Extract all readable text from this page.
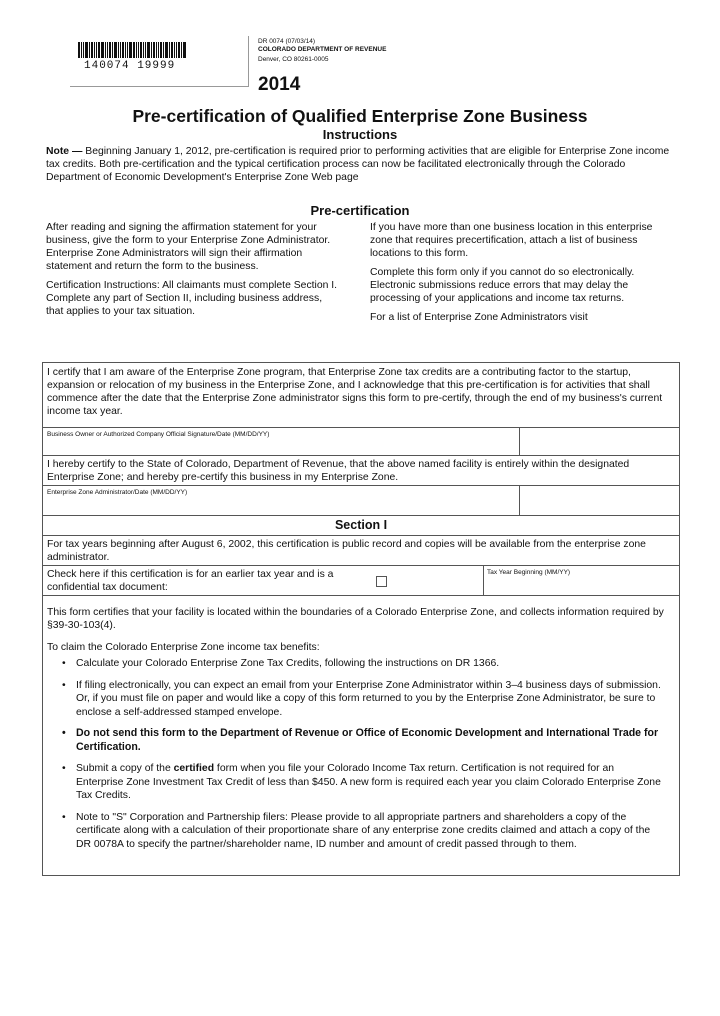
140074 19999
DR 0074 (07/03/14)
COLORADO DEPARTMENT OF REVENUE
Denver, CO 80261-0005
2014
Pre-certification of Qualified Enterprise Zone Business
Instructions
Note — Beginning January 1, 2012, pre-certification is required prior to performing activities that are eligible for Enterprise Zone income tax credits. Both pre-certification and the typical certification process can now be facilitated electronically through the Colorado Department of Economic Development's Enterprise Zone Web page
Pre-certification

After reading and signing the affirmation statement for your business, give the form to your Enterprise Zone Administrator. Enterprise Zone Administrators will sign their affirmation statement and return the form to the business.

Certification Instructions: All claimants must complete Section I. Complete any part of Section II, including business address, that applies to your tax situation.

If you have more than one business location in this enterprise zone that requires precertification, attach a list of business locations to this form.

Complete this form only if you cannot do so electronically. Electronic submissions reduce errors that may delay the processing of your applications and income tax returns.

For a list of Enterprise Zone Administrators visit

I certify that I am aware of the Enterprise Zone program, that Enterprise Zone tax credits are a contributing factor to the startup, expansion or relocation of my business in the Enterprise Zone, and I acknowledge that this pre-certification is for activities that shall commence after the date that the Enterprise Zone administrator signs this form to pre-certify, through the end of my business's current income tax year.
Business Owner or Authorized Company Official Signature/Date (MM/DD/YY)
I hereby certify to the State of Colorado, Department of Revenue, that the above named facility is entirely within the designated Enterprise Zone; and hereby pre-certify this business in my Enterprise Zone.
Enterprise Zone Administrator/Date (MM/DD/YY)
Section I
For tax years beginning after August 6, 2002, this certification is public record and copies will be available from the enterprise zone administrator.
Check here if this certification is for an earlier tax year and is a confidential tax document:
Tax Year Beginning (MM/YY)
This form certifies that your facility is located within the boundaries of a Colorado Enterprise Zone, and collects information required by §39-30-103(4).
To claim the Colorado Enterprise Zone income tax benefits:
• Calculate your Colorado Enterprise Zone Tax Credits, following the instructions on DR 1366.
• If filing electronically, you can expect an email from your Enterprise Zone Administrator within 3–4 business days of submission. Or, if you must file on paper and would like a copy of this form returned to you by the Enterprise Zone Administrator, be sure to enclose a self-addressed stamped envelope.
• Do not send this form to the Department of Revenue or Office of Economic Development and International Trade for Certification.
• Submit a copy of the certified form when you file your Colorado Income Tax return. Certification is not required for an Enterprise Zone Investment Tax Credit of less than $450. A new form is required each year you claim Colorado Enterprise Zone Tax Credits.
• Note to "S" Corporation and Partnership filers: Please provide to all appropriate partners and shareholders a copy of the certificate along with a calculation of their proportionate share of any enterprise zone credits claimed and attach a copy of the DR 0078A to specify the partner/shareholder name, ID number and amount of credit passed through to them.
